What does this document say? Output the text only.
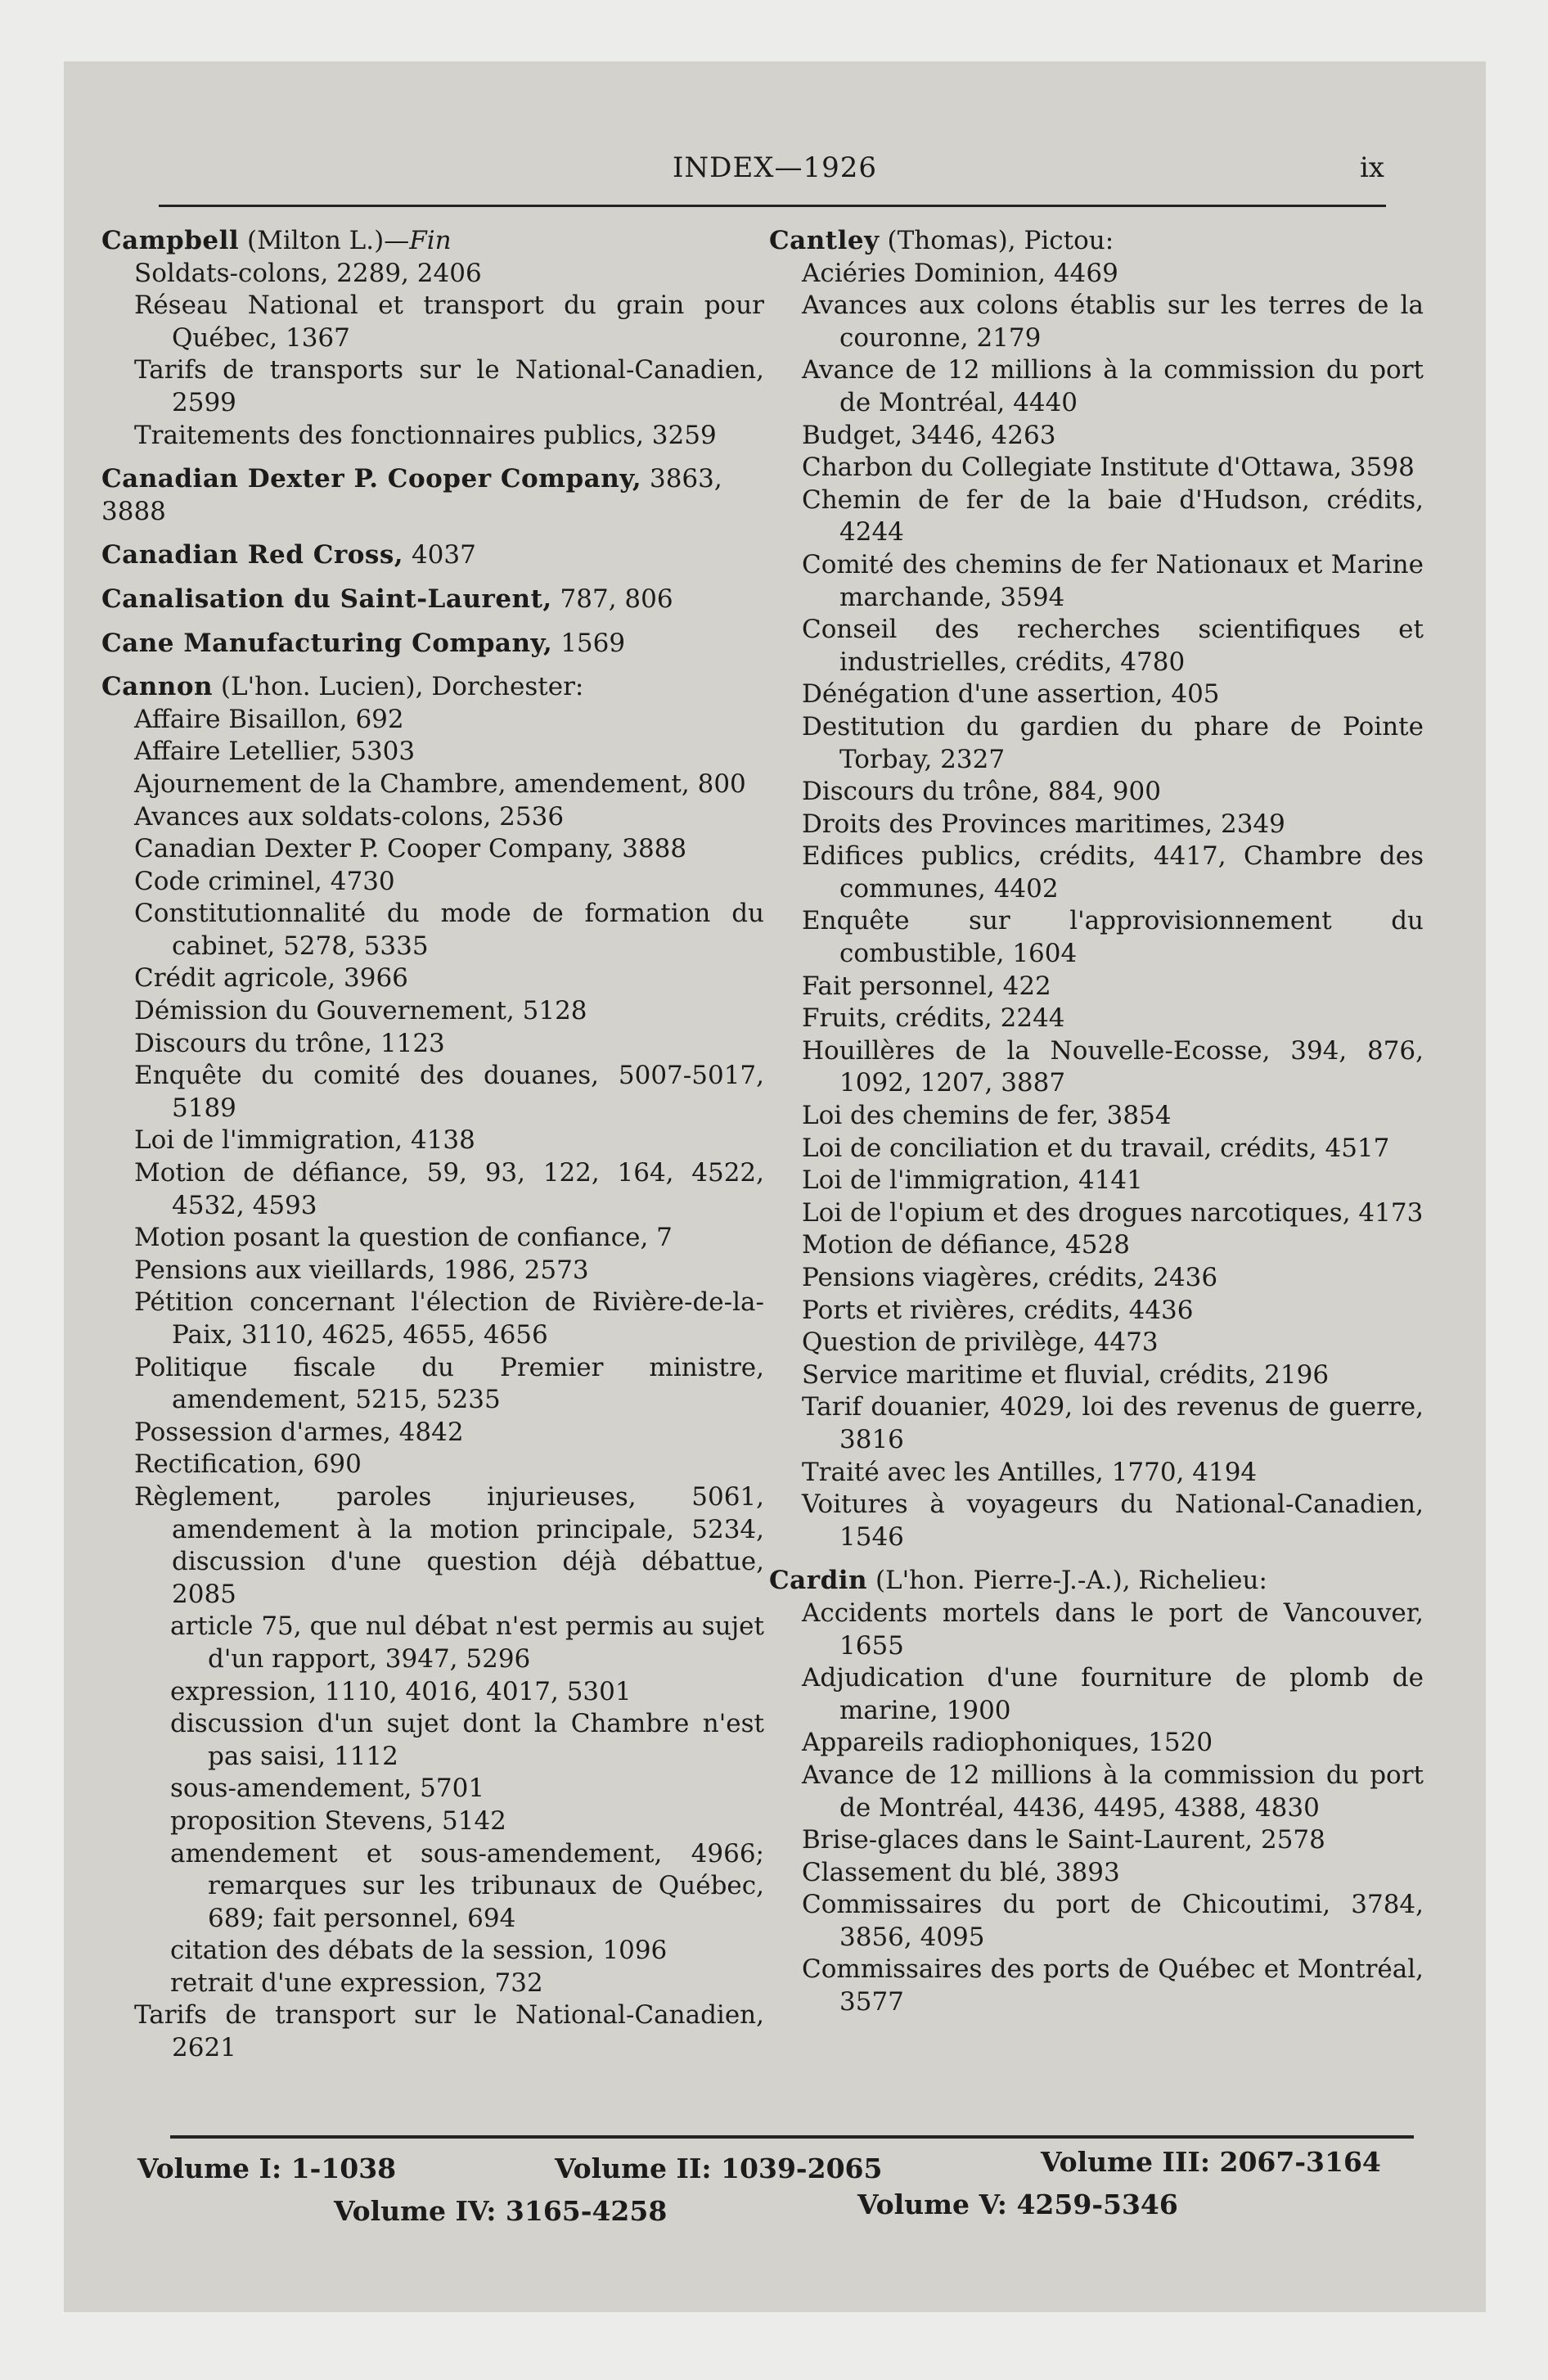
INDEX—1926	ix
Campbell (Milton L.)—Fin
Soldats-colons, 2289, 2406
Réseau National et transport du grain pour Québec, 1367
Tarifs de transports sur le National-Canadien, 2599
Traitements des fonctionnaires publics, 3259
Canadian Dexter P. Cooper Company, 3863, 3888
Canadian Red Cross, 4037
Canalisation du Saint-Laurent, 787, 806
Cane Manufacturing Company, 1569
Cannon (L'hon. Lucien), Dorchester:
Affaire Bisaillon, 692
Affaire Letellier, 5303
Ajournement de la Chambre, amendement, 800
Avances aux soldats-colons, 2536
Canadian Dexter P. Cooper Company, 3888
Code criminel, 4730
Constitutionnalité du mode de formation du cabinet, 5278, 5335
Crédit agricole, 3966
Démission du Gouvernement, 5128
Discours du trône, 1123
Enquête du comité des douanes, 5007-5017, 5189
Loi de l'immigration, 4138
Motion de défiance, 59, 93, 122, 164, 4522, 4532, 4593
Motion posant la question de confiance, 7
Pensions aux vieillards, 1986, 2573
Pétition concernant l'élection de Rivière-de-la-Paix, 3110, 4625, 4655, 4656
Politique fiscale du Premier ministre, amendement, 5215, 5235
Possession d'armes, 4842
Rectification, 690
Règlement, paroles injurieuses, 5061, amendement à la motion principale, 5234, discussion d'une question déjà débattue, 2085
article 75, que nul débat n'est permis au sujet d'un rapport, 3947, 5296
expression, 1110, 4016, 4017, 5301
discussion d'un sujet dont la Chambre n'est pas saisi, 1112
sous-amendement, 5701
proposition Stevens, 5142
amendement et sous-amendement, 4966; remarques sur les tribunaux de Québec, 689; fait personnel, 694
citation des débats de la session, 1096
retrait d'une expression, 732
Tarifs de transport sur le National-Canadien, 2621
Cantley (Thomas), Pictou:
Aciéries Dominion, 4469
Avances aux colons établis sur les terres de la couronne, 2179
Avance de 12 millions à la commission du port de Montréal, 4440
Budget, 3446, 4263
Charbon du Collegiate Institute d'Ottawa, 3598
Chemin de fer de la baie d'Hudson, crédits, 4244
Comité des chemins de fer Nationaux et Marine marchande, 3594
Conseil des recherches scientifiques et industrielles, crédits, 4780
Dénégation d'une assertion, 405
Destitution du gardien du phare de Pointe Torbay, 2327
Discours du trône, 884, 900
Droits des Provinces maritimes, 2349
Edifices publics, crédits, 4417, Chambre des communes, 4402
Enquête sur l'approvisionnement du combustible, 1604
Fait personnel, 422
Fruits, crédits, 2244
Houillères de la Nouvelle-Ecosse, 394, 876, 1092, 1207, 3887
Loi des chemins de fer, 3854
Loi de conciliation et du travail, crédits, 4517
Loi de l'immigration, 4141
Loi de l'opium et des drogues narcotiques, 4173
Motion de défiance, 4528
Pensions viagères, crédits, 2436
Ports et rivières, crédits, 4436
Question de privilège, 4473
Service maritime et fluvial, crédits, 2196
Tarif douanier, 4029, loi des revenus de guerre, 3816
Traité avec les Antilles, 1770, 4194
Voitures à voyageurs du National-Canadien, 1546
Cardin (L'hon. Pierre-J.-A.), Richelieu:
Accidents mortels dans le port de Vancouver, 1655
Adjudication d'une fourniture de plomb de marine, 1900
Appareils radiophoniques, 1520
Avance de 12 millions à la commission du port de Montréal, 4436, 4495, 4388, 4830
Brise-glaces dans le Saint-Laurent, 2578
Classement du blé, 3893
Commissaires du port de Chicoutimi, 3784, 3856, 4095
Commissaires des ports de Québec et Montréal, 3577
Volume I: 1-1038	Volume II: 1039-2065	Volume III: 2067-3164
Volume IV: 3165-4258	Volume V: 4259-5346
